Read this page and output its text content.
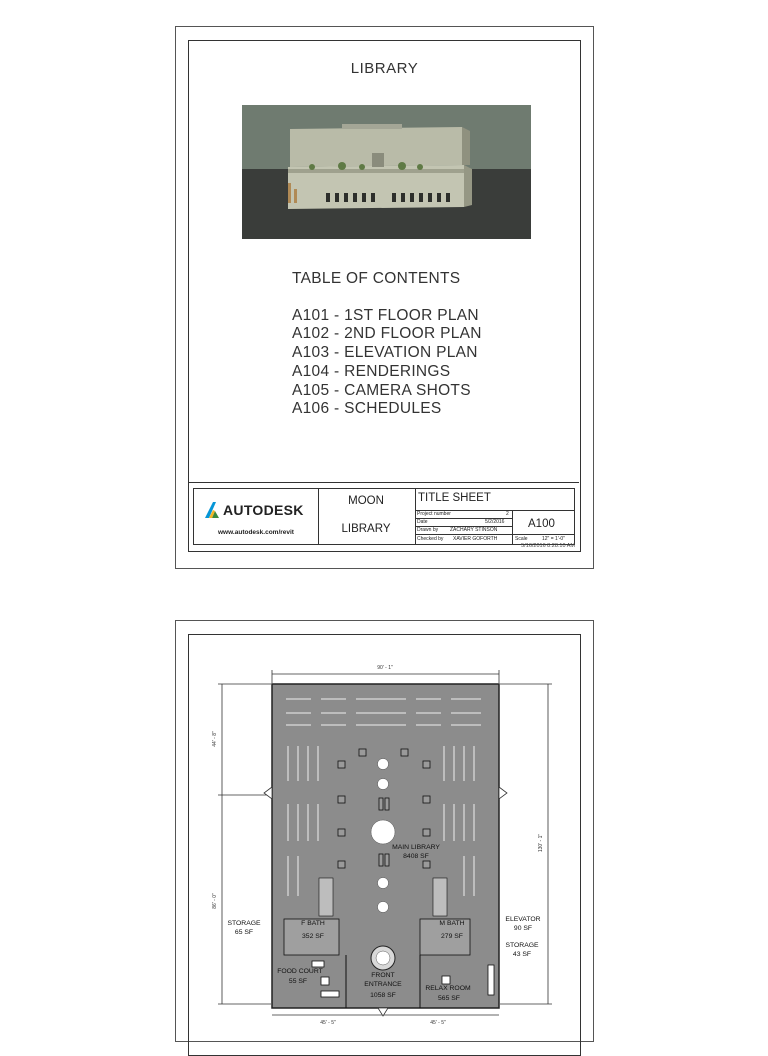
LIBRARY
TABLE OF CONTENTS
A101 - 1ST FLOOR PLAN
A102 - 2ND FLOOR PLAN
A103 - ELEVATION PLAN
A104 - RENDERINGS
A105 - CAMERA SHOTS
A106 - SCHEDULES
AUTODESK
www.autodesk.com/revit
MOON
LIBRARY
TITLE SHEET
Project number	2
Date	5/2/2016
Drawn by ZACHARY STINSON
Checked by XAVIER GOFORTH	Scale	12" = 1'-0"
A100
5/16/2016 8:28:10 AM
90' - 1"
44' - 8"
86' - 0"
130' - 1"
45' - 5"	45' - 5"
MAIN LIBRARY
8408 SF
STORAGE
65 SF
F BATH
352 SF
M BATH
279 SF
ELEVATOR
90 SF
STORAGE
43 SF
FOOD COURT
55 SF
FRONT
ENTRANCE
1058 SF
RELAX ROOM
565 SF
